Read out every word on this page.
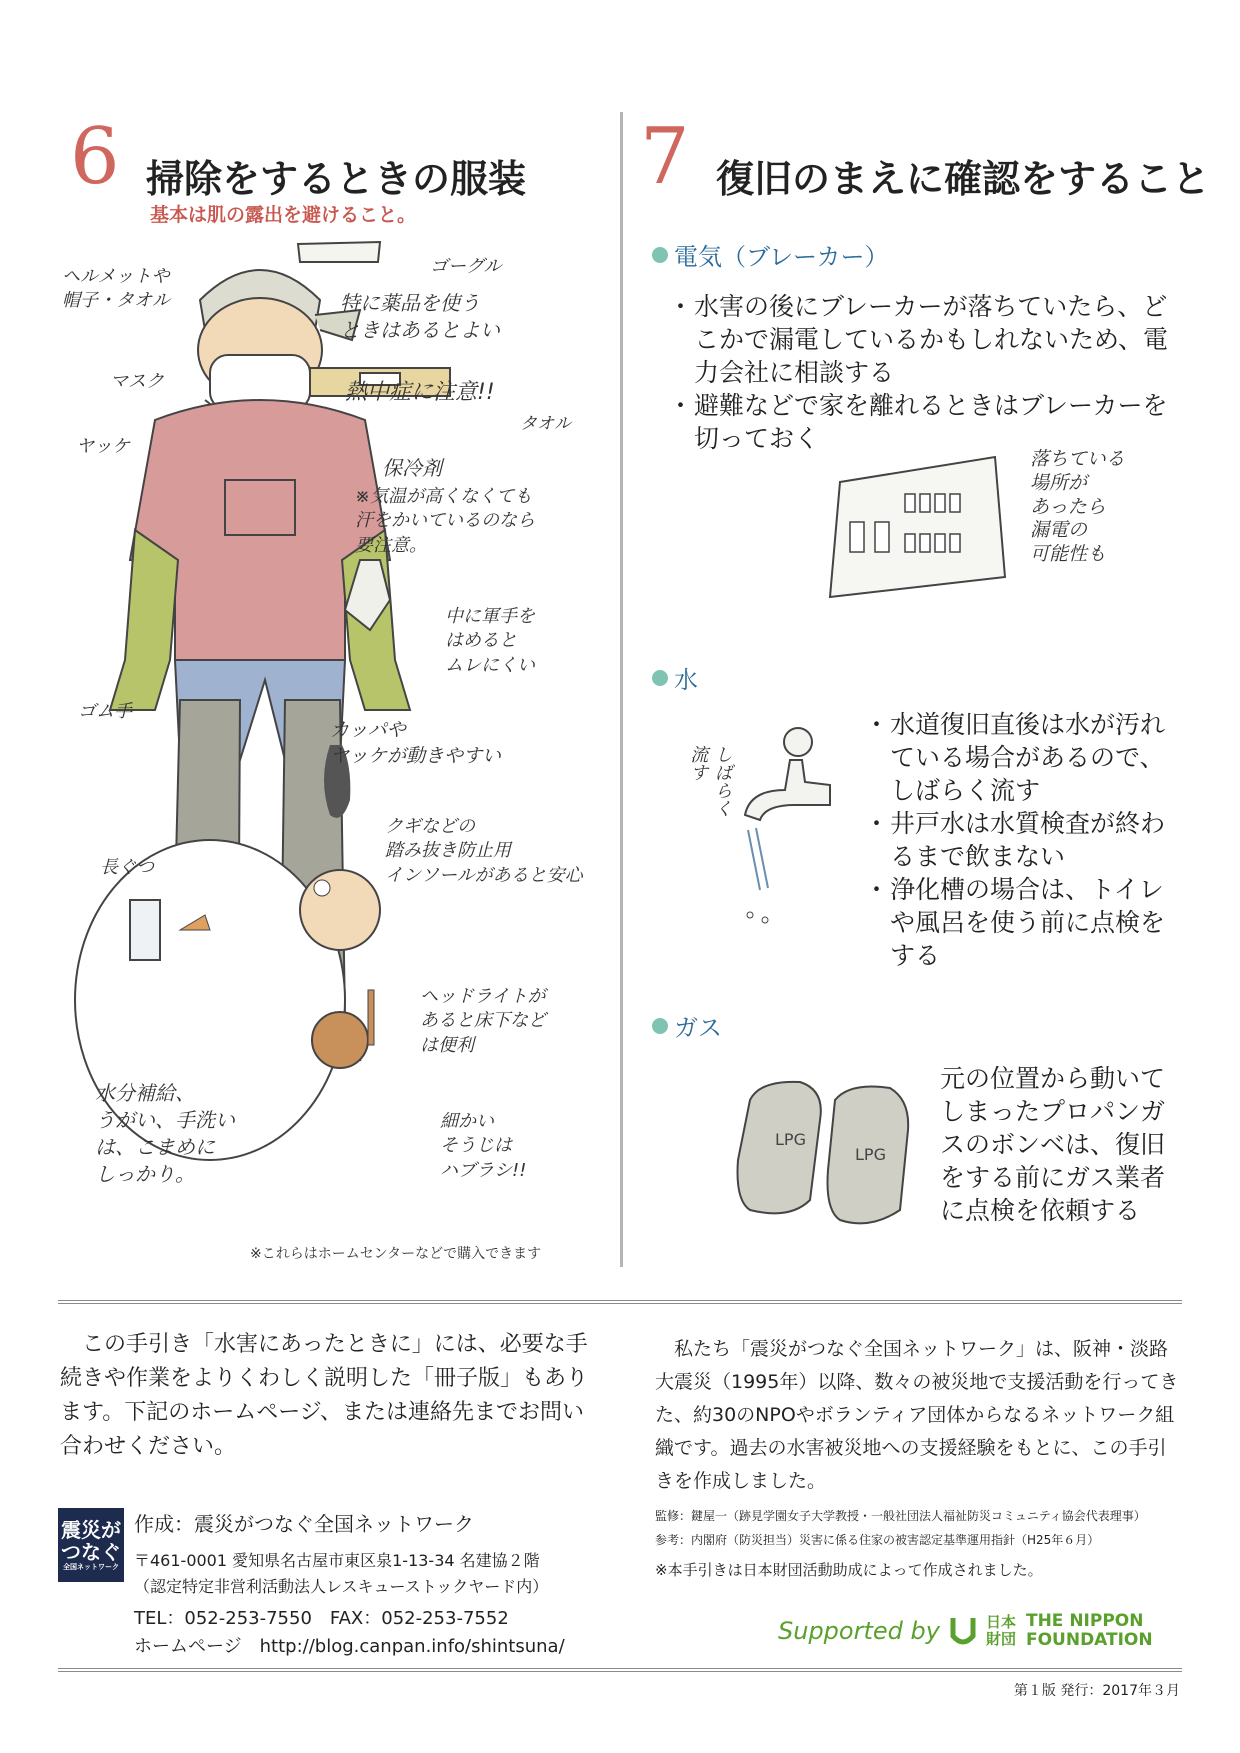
6 掃除をするときの服装
基本は肌の露出を避けること。
ヘルメットや
帽子・タオル
マスク
ヤッケ
ゴム手
長ぐつ
ゴーグル
特に薬品を使う
ときはあるとよい
熱中症に注意!!
タオル
保冷剤
※気温が高くなくても
汗をかいているのなら
要注意。
中に軍手を
はめると
ムレにくい
カッパや
ヤッケが動きやすい
クギなどの
踏み抜き防止用
インソールがあると安心
水分補給、
うがい、手洗い
は、こまめに
しっかり。
ヘッドライトが
あると床下など
は便利
細かい
そうじは
ハブラシ!!
※これらはホームセンターなどで購入できます
7 復旧のまえに確認をすること
電気（ブレーカー）
・ 水害の後にブレーカーが落ちていたら、どこかで漏電しているかもしれないため、電力会社に相談する
・ 避難などで家を離れるときはブレーカーを切っておく
落ちている
場所が
あったら
漏電の
可能性も
水
しばらく
流す
・ 水道復旧直後は水が汚れている場合があるので、しばらく流す
・ 井戸水は水質検査が終わるまで飲まない
・ 浄化槽の場合は、トイレや風呂を使う前に点検をする
ガス
LPG
LPG
元の位置から動いてしまったプロパンガスのボンベは、復旧をする前にガス業者に点検を依頼する
この手引き「水害にあったときに」には、必要な手続きや作業をよりくわしく説明した「冊子版」もあります。下記のホームページ、または連絡先までお問い合わせください。
震災が
つなぐ
全国ネットワーク
作成：震災がつなぐ全国ネットワーク
〒461-0001 愛知県名古屋市東区泉1-13-34 名建協２階
（認定特定非営利活動法人レスキューストックヤード内）
TEL：052-253-7550　FAX：052-253-7552
ホームページ　http://blog.canpan.info/shintsuna/
私たち「震災がつなぐ全国ネットワーク」は、阪神・淡路大震災（1995年）以降、数々の被災地で支援活動を行ってきた、約30のNPOやボランティア団体からなるネットワーク組織です。過去の水害被災地への支援経験をもとに、この手引きを作成しました。
監修：鍵屋一（跡見学園女子大学教授・一般社団法人福祉防災コミュニティ協会代表理事）
参考：内閣府（防災担当）災害に係る住家の被害認定基準運用指針（H25年６月）
※本手引きは日本財団活動助成によって作成されました。
Supported by	日本
財団
THE NIPPON
FOUNDATION
第１版 発行：2017年３月
